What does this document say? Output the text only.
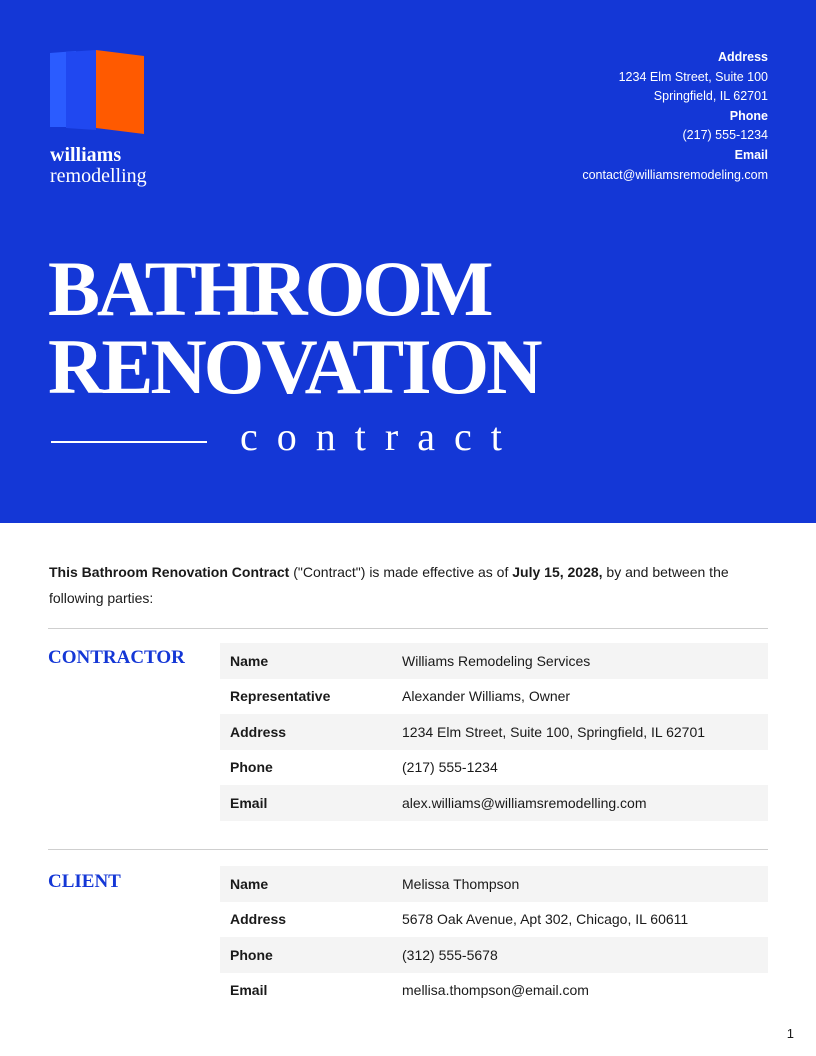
williams
remodelling
Address
1234 Elm Street, Suite 100
Springfield, IL 62701
Phone
(217) 555-1234
Email
contact@williamsremodeling.com
BATHROOM
RENOVATION
contract
This Bathroom Renovation Contract ("Contract") is made effective as of July 15, 2028, by and between the following parties:
CONTRACTOR	Name	Williams Remodeling Services
Representative	Alexander Williams, Owner
Address	1234 Elm Street, Suite 100, Springfield, IL 62701
Phone	(217) 555-1234
Email	alex.williams@williamsremodelling.com
CLIENT	Name	Melissa Thompson
Address	5678 Oak Avenue, Apt 302, Chicago, IL 60611
Phone	(312) 555-5678
Email	mellisa.thompson@email.com
1
